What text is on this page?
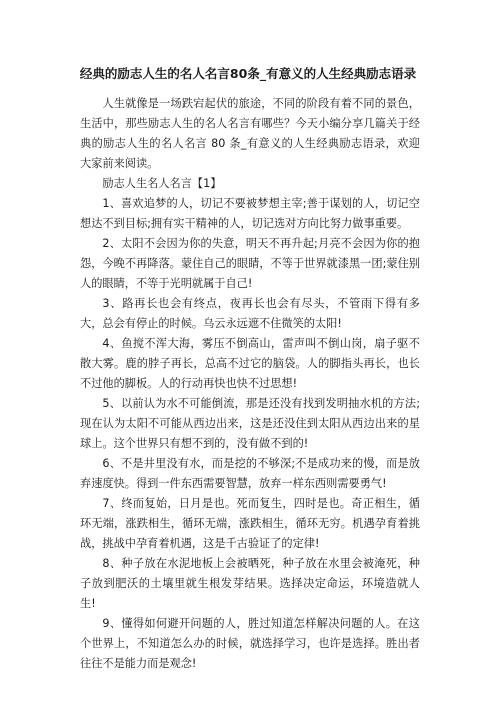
经典的励志人生的名人名言80条_有意义的人生经典励志语录

人生就像是一场跌宕起伏的旅途，不同的阶段有着不同的景色，生活中，那些励志人生的名人名言有哪些？今天小编分享几篇关于经典的励志人生的名人名言 80 条_有意义的人生经典励志语录，欢迎大家前来阅读。

励志人生名人名言【1】

1、喜欢追梦的人，切记不要被梦想主宰;善于谋划的人，切记空想达不到目标;拥有实干精神的人，切记选对方向比努力做事重要。

2、太阳不会因为你的失意，明天不再升起;月亮不会因为你的抱怨，今晚不再降落。蒙住自己的眼睛，不等于世界就漆黑一团;蒙住别人的眼睛，不等于光明就属于自己!

3、路再长也会有终点，夜再长也会有尽头，不管雨下得有多大，总会有停止的时候。乌云永远遮不住微笑的太阳!

4、鱼搅不浑大海，雾压不倒高山，雷声叫不倒山岗，扇子驱不散大雾。鹿的脖子再长，总高不过它的脑袋。人的脚指头再长，也长不过他的脚板。人的行动再快也快不过思想!

5、以前认为水不可能倒流，那是还没有找到发明抽水机的方法;现在认为太阳不可能从西边出来，这是还没住到太阳从西边出来的星球上。这个世界只有想不到的，没有做不到的!

6、不是井里没有水，而是挖的不够深;不是成功来的慢，而是放弃速度快。得到一件东西需要智慧，放弃一样东西则需要勇气!

7、终而复始，日月是也。死而复生，四时是也。奇正相生，循环无端，涨跌相生，循环无端，涨跌相生，循环无穷。机遇孕育着挑战，挑战中孕育着机遇，这是千古验证了的定律!

8、种子放在水泥地板上会被晒死，种子放在水里会被淹死，种子放到肥沃的土壤里就生根发芽结果。选择决定命运，环境造就人生!

9、懂得如何避开问题的人，胜过知道怎样解决问题的人。在这个世界上，不知道怎么办的时候，就选择学习，也许是选择。胜出者往往不是能力而是观念!
